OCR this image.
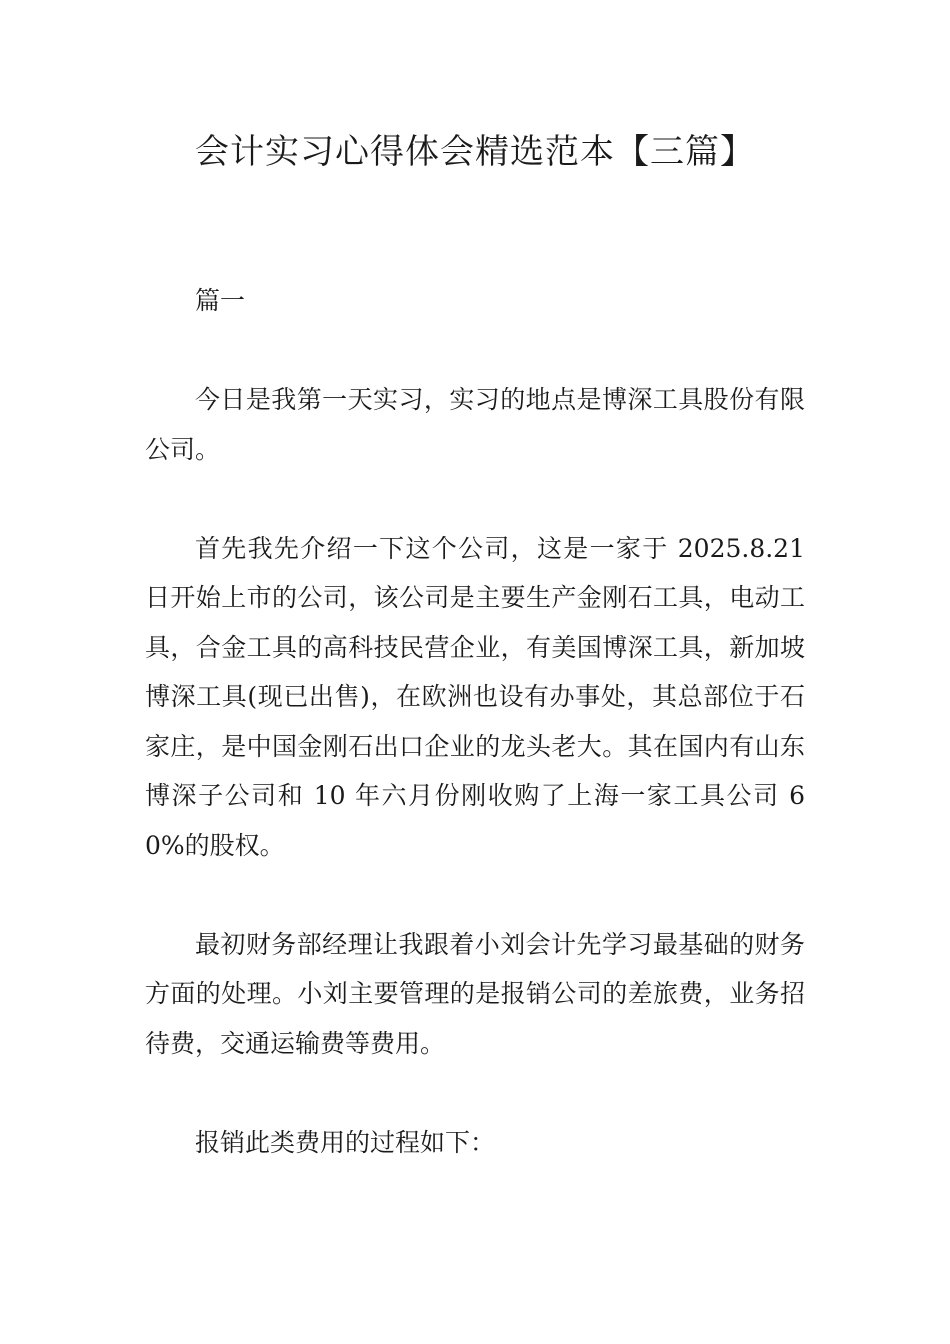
会计实习心得体会精选范本【三篇】

篇一

今日是我第一天实习，实习的地点是博深工具股份有限公司。

首先我先介绍一下这个公司，这是一家于 2025.8.21 日开始上市的公司，该公司是主要生产金刚石工具，电动工具，合金工具的高科技民营企业，有美国博深工具，新加坡博深工具(现已出售)，在欧洲也设有办事处，其总部位于石家庄，是中国金刚石出口企业的龙头老大。其在国内有山东博深子公司和 10 年六月份刚收购了上海一家工具公司 60%的股权。

最初财务部经理让我跟着小刘会计先学习最基础的财务方面的处理。小刘主要管理的是报销公司的差旅费，业务招待费，交通运输费等费用。

报销此类费用的过程如下：
